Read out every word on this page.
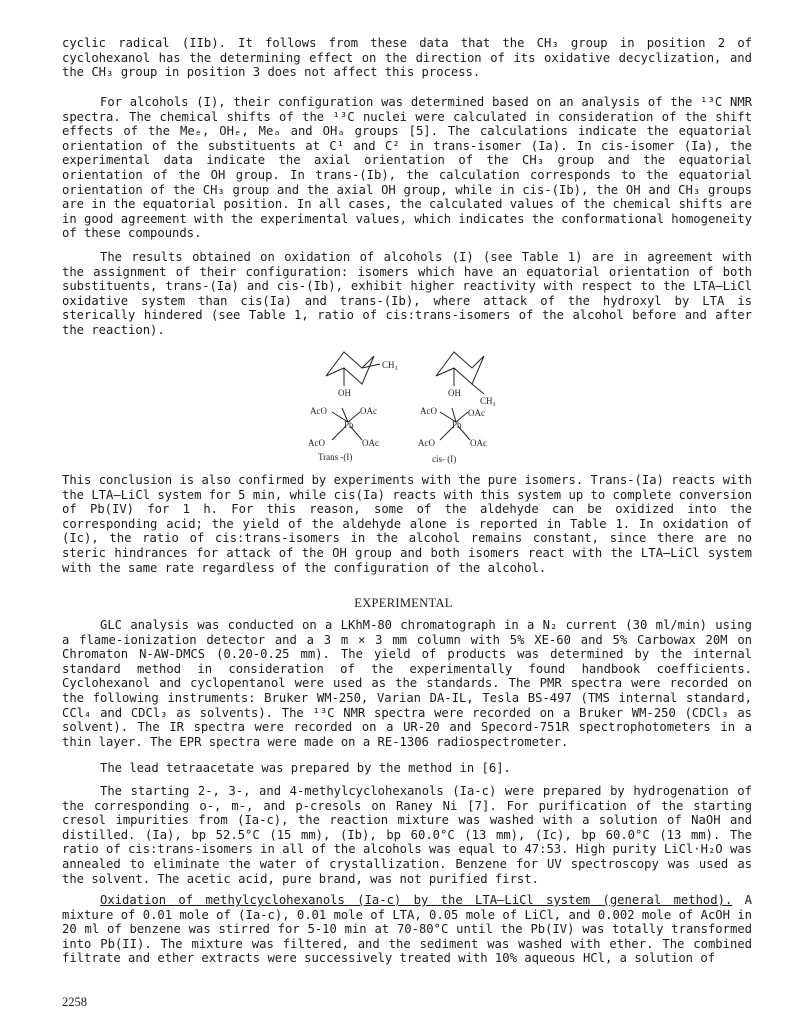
cyclic radical (IIb). It follows from these data that the CH₃ group in position 2 of cyclohexanol has the determining effect on the direction of its oxidative decyclization, and the CH₃ group in position 3 does not affect this process.

For alcohols (I), their configuration was determined based on an analysis of the ¹³C NMR spectra. The chemical shifts of the ¹³C nuclei were calculated in consideration of the shift effects of the Meₑ, OHₑ, Meₐ and OHₐ groups [5]. The calculations indicate the equatorial orientation of the substituents at C¹ and C² in trans-isomer (Ia). In cis-isomer (Ia), the experimental data indicate the axial orientation of the CH₃ group and the equatorial orientation of the OH group. In trans-(Ib), the calculation corresponds to the equatorial orientation of the CH₃ group and the axial OH group, while in cis-(Ib), the OH and CH₃ groups are in the equatorial position. In all cases, the calculated values of the chemical shifts are in good agreement with the experimental values, which indicates the conformational homogeneity of these compounds.

The results obtained on oxidation of alcohols (I) (see Table 1) are in agreement with the assignment of their configuration: isomers which have an equatorial orientation of both substituents, trans-(Ia) and cis-(Ib), exhibit higher reactivity with respect to the LTA–LiCl oxidative system than cis(Ia) and trans-(Ib), where attack of the hydroxyl by LTA is sterically hindered (see Table 1, ratio of cis:trans-isomers of the alcohol before and after the reaction).

CH₃
OH
AcO	OAc
Pb
AcO	OAc
Trans -(I)
OH
CH₃
AcO	OAc
Pb
AcO	OAc
cis- (I)

This conclusion is also confirmed by experiments with the pure isomers. Trans-(Ia) reacts with the LTA–LiCl system for 5 min, while cis(Ia) reacts with this system up to complete conversion of Pb(IV) for 1 h. For this reason, some of the aldehyde can be oxidized into the corresponding acid; the yield of the aldehyde alone is reported in Table 1. In oxidation of (Ic), the ratio of cis:trans-isomers in the alcohol remains constant, since there are no steric hindrances for attack of the OH group and both isomers react with the LTA–LiCl system with the same rate regardless of the configuration of the alcohol.

EXPERIMENTAL

GLC analysis was conducted on a LKhM-80 chromatograph in a N₂ current (30 ml/min) using a flame-ionization detector and a 3 m × 3 mm column with 5% XE-60 and 5% Carbowax 20M on Chromaton N-AW-DMCS (0.20-0.25 mm). The yield of products was determined by the internal standard method in consideration of the experimentally found handbook coefficients. Cyclohexanol and cyclopentanol were used as the standards. The PMR spectra were recorded on the following instruments: Bruker WM-250, Varian DA-IL, Tesla BS-497 (TMS internal standard, CCl₄ and CDCl₃ as solvents). The ¹³C NMR spectra were recorded on a Bruker WM-250 (CDCl₃ as solvent). The IR spectra were recorded on a UR-20 and Specord-751R spectrophotometers in a thin layer. The EPR spectra were made on a RE-1306 radiospectrometer.

The lead tetraacetate was prepared by the method in [6].

The starting 2-, 3-, and 4-methylcyclohexanols (Ia-c) were prepared by hydrogenation of the corresponding o-, m-, and p-cresols on Raney Ni [7]. For purification of the starting cresol impurities from (Ia-c), the reaction mixture was washed with a solution of NaOH and distilled. (Ia), bp 52.5°C (15 mm), (Ib), bp 60.0°C (13 mm), (Ic), bp 60.0°C (13 mm). The ratio of cis:trans-isomers in all of the alcohols was equal to 47:53. High purity LiCl·H₂O was annealed to eliminate the water of crystallization. Benzene for UV spectroscopy was used as the solvent. The acetic acid, pure brand, was not purified first.

Oxidation of methylcyclohexanols (Ia-c) by the LTA–LiCl system (general method). A mixture of 0.01 mole of (Ia-c), 0.01 mole of LTA, 0.05 mole of LiCl, and 0.002 mole of AcOH in 20 ml of benzene was stirred for 5-10 min at 70-80°C until the Pb(IV) was totally transformed into Pb(II). The mixture was filtered, and the sediment was washed with ether. The combined filtrate and ether extracts were successively treated with 10% aqueous HCl, a solution of

2258
